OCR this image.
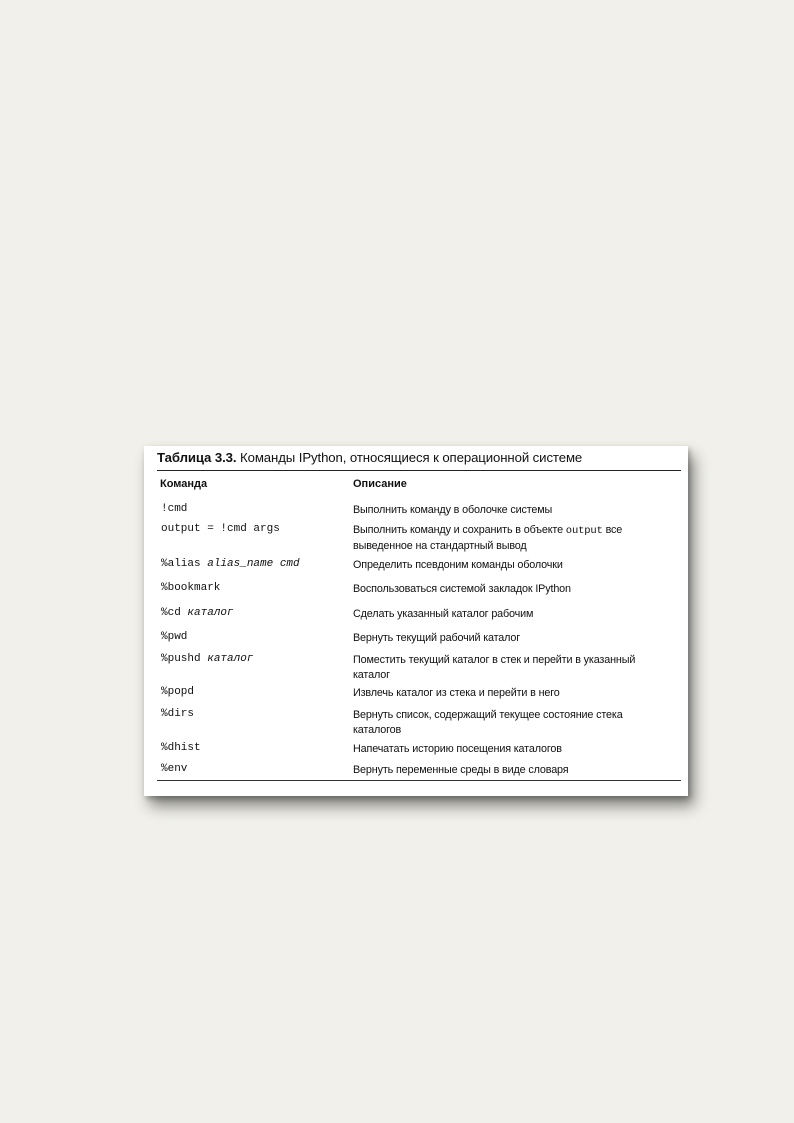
Таблица 3.3. Команды IPython, относящиеся к операционной системе
Команда	Описание
!cmd	Выполнить команду в оболочке системы
output = !cmd args	Выполнить команду и сохранить в объекте output все выведенное на стандартный вывод
%alias alias_name cmd	Определить псевдоним команды оболочки
%bookmark	Воспользоваться системой закладок IPython
%cd каталог	Сделать указанный каталог рабочим
%pwd	Вернуть текущий рабочий каталог
%pushd каталог	Поместить текущий каталог в стек и перейти в указанный каталог
%popd	Извлечь каталог из стека и перейти в него
%dirs	Вернуть список, содержащий текущее состояние стека каталогов
%dhist	Напечатать историю посещения каталогов
%env	Вернуть переменные среды в виде словаря
